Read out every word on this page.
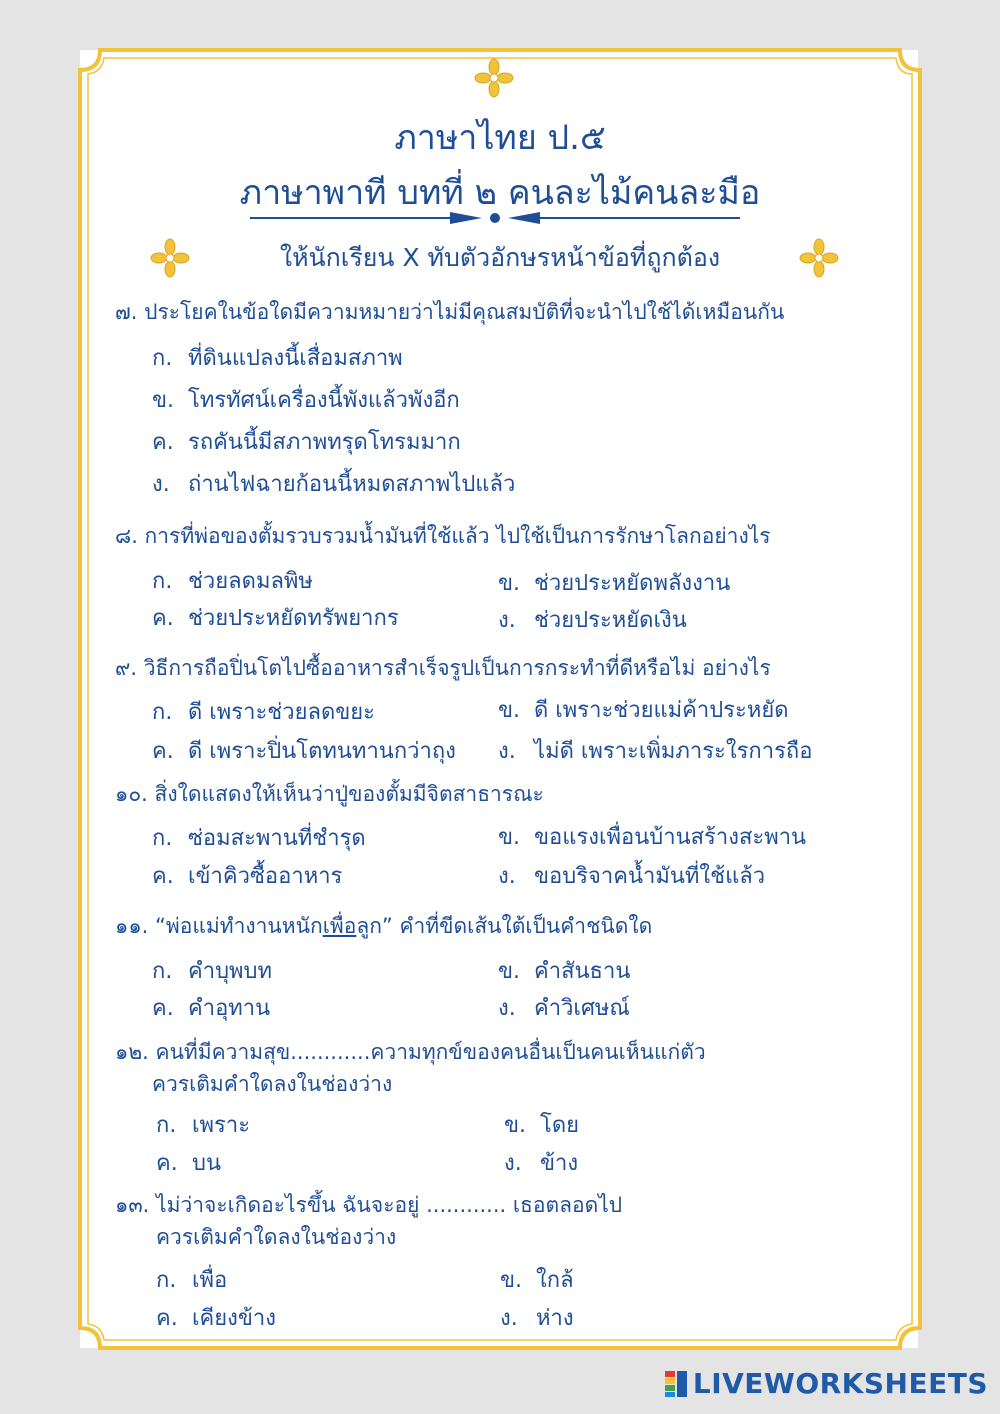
ภาษาไทย ป.๕
ภาษาพาที บทที่ ๒ คนละไม้คนละมือ
ให้นักเรียน X ทับตัวอักษรหน้าข้อที่ถูกต้อง
๗. ประโยคในข้อใดมีความหมายว่าไม่มีคุณสมบัติที่จะนำไปใช้ได้เหมือนกัน
ก. ที่ดินแปลงนี้เสื่อมสภาพ
ข. โทรทัศน์เครื่องนี้พังแล้วพังอีก
ค. รถคันนี้มีสภาพทรุดโทรมมาก
ง. ถ่านไฟฉายก้อนนี้หมดสภาพไปแล้ว
๘. การที่พ่อของตั้มรวบรวมน้ำมันที่ใช้แล้ว ไปใช้เป็นการรักษาโลกอย่างไร
ก. ช่วยลดมลพิษ	ข. ช่วยประหยัดพลังงาน
ค. ช่วยประหยัดทรัพยากร	ง. ช่วยประหยัดเงิน
๙. วิธีการถือปิ่นโตไปซื้ออาหารสำเร็จรูปเป็นการกระทำที่ดีหรือไม่ อย่างไร
ก. ดี เพราะช่วยลดขยะ	ข. ดี เพราะช่วยแม่ค้าประหยัด
ค. ดี เพราะปิ่นโตทนทานกว่าถุง ง. ไม่ดี เพราะเพิ่มภาระใรการถือ
๑๐. สิ่งใดแสดงให้เห็นว่าปู่ของตั้มมีจิตสาธารณะ
ก. ซ่อมสะพานที่ชำรุด	ข. ขอแรงเพื่อนบ้านสร้างสะพาน
ค. เข้าคิวซื้ออาหาร	ง. ขอบริจาคน้ำมันที่ใช้แล้ว
๑๑. “พ่อแม่ทำงานหนักเพื่อลูก” คำที่ขีดเส้นใต้เป็นคำชนิดใด
ก. คำบุพบท	ข. คำสันธาน
ค. คำอุทาน	ง. คำวิเศษณ์
๑๒. คนที่มีความสุข............ความทุกข์ของคนอื่นเป็นคนเห็นแก่ตัว
ควรเติมคำใดลงในช่องว่าง
ก. เพราะ	ข. โดย
ค. บน	ง. ข้าง
๑๓. ไม่ว่าจะเกิดอะไรขึ้น ฉันจะอยู่ ............ เธอตลอดไป
ควรเติมคำใดลงในช่องว่าง
ก. เพื่อ	ข. ใกล้
ค. เคียงข้าง	ง. ห่าง
LIVEWORKSHEETS
